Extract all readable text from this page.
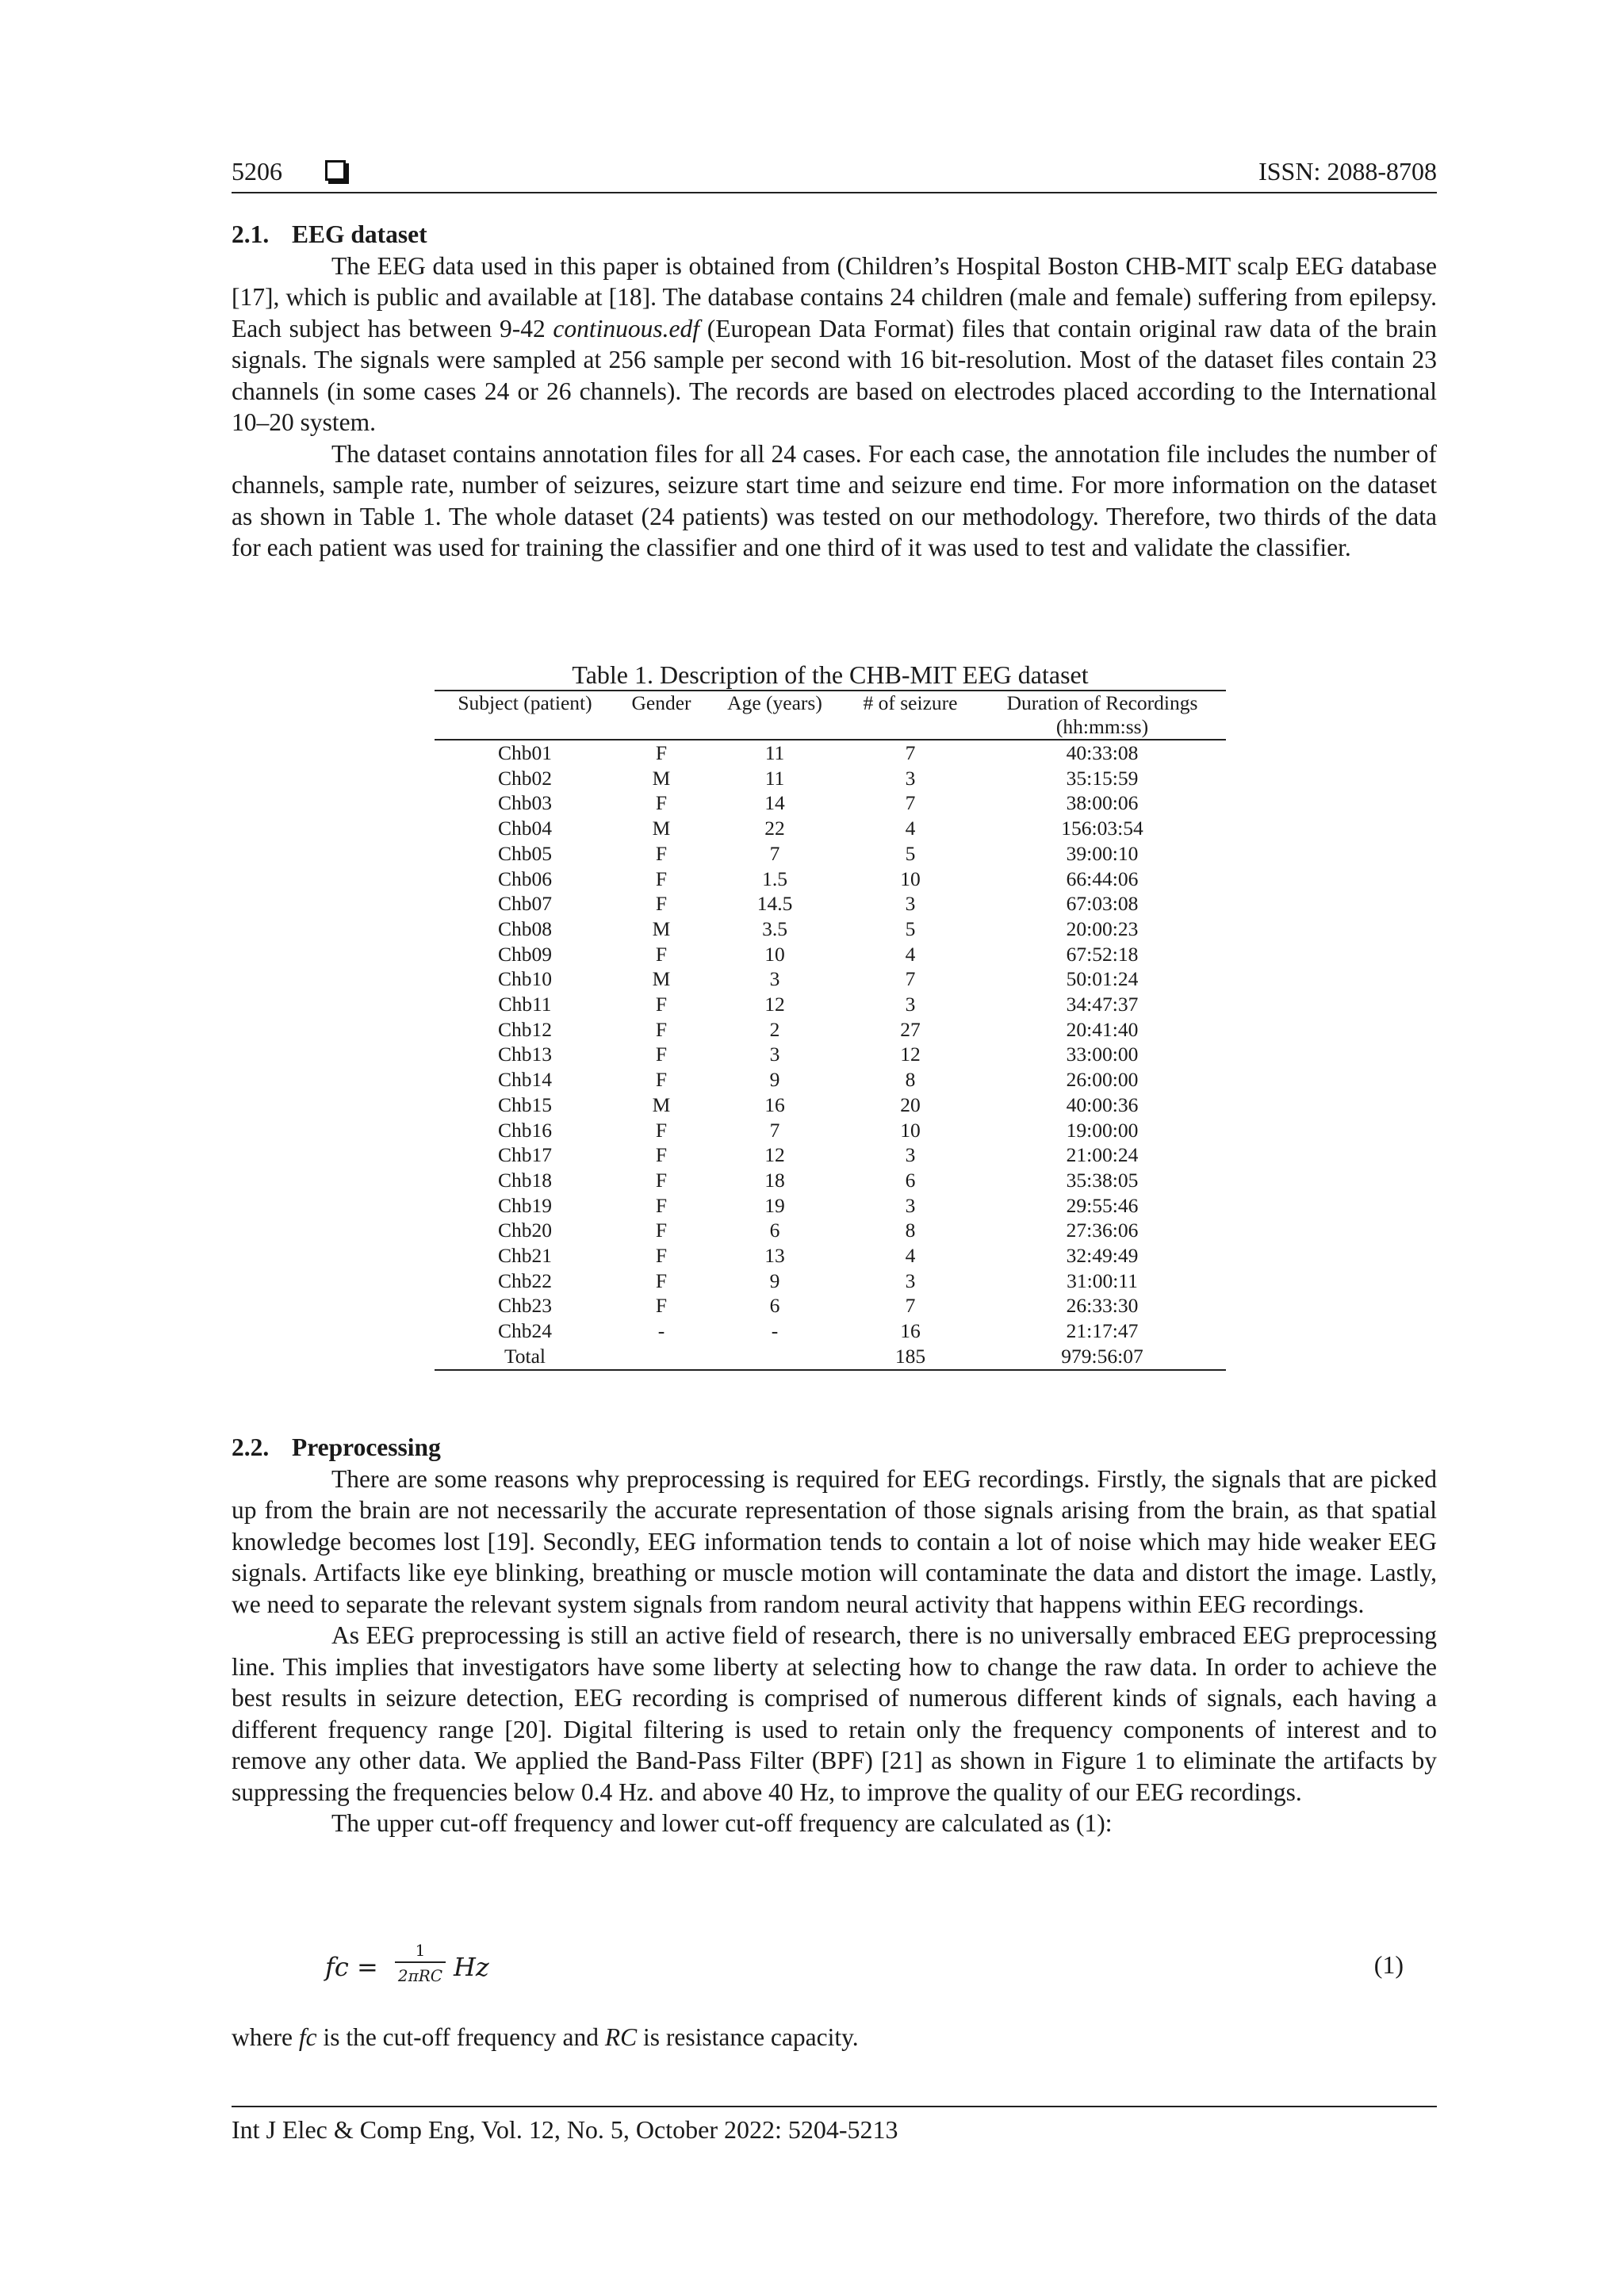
5206	ISSN: 2088-8708
2.1. EEG dataset

The EEG data used in this paper is obtained from (Children’s Hospital Boston CHB-MIT scalp EEG database [17], which is public and available at [18]. The database contains 24 children (male and female) suffering from epilepsy. Each subject has between 9-42 continuous.edf (European Data Format) files that contain original raw data of the brain signals. The signals were sampled at 256 sample per second with 16 bit-resolution. Most of the dataset files contain 23 channels (in some cases 24 or 26 channels). The records are based on electrodes placed according to the International 10–20 system.

The dataset contains annotation files for all 24 cases. For each case, the annotation file includes the number of channels, sample rate, number of seizures, seizure start time and seizure end time. For more information on the dataset as shown in Table 1. The whole dataset (24 patients) was tested on our methodology. Therefore, two thirds of the data for each patient was used for training the classifier and one third of it was used to test and validate the classifier.

Table 1. Description of the CHB-MIT EEG dataset
Subject (patient)	Gender	Age (years)	# of seizure	Duration of Recordings
				(hh:mm:ss)
Chb01	F	11	7	40:33:08
Chb02	M	11	3	35:15:59
Chb03	F	14	7	38:00:06
Chb04	M	22	4	156:03:54
Chb05	F	7	5	39:00:10
Chb06	F	1.5	10	66:44:06
Chb07	F	14.5	3	67:03:08
Chb08	M	3.5	5	20:00:23
Chb09	F	10	4	67:52:18
Chb10	M	3	7	50:01:24
Chb11	F	12	3	34:47:37
Chb12	F	2	27	20:41:40
Chb13	F	3	12	33:00:00
Chb14	F	9	8	26:00:00
Chb15	M	16	20	40:00:36
Chb16	F	7	10	19:00:00
Chb17	F	12	3	21:00:24
Chb18	F	18	6	35:38:05
Chb19	F	19	3	29:55:46
Chb20	F	6	8	27:36:06
Chb21	F	13	4	32:49:49
Chb22	F	9	3	31:00:11
Chb23	F	6	7	26:33:30
Chb24	-	-	16	21:17:47
Total			185	979:56:07
2.2. Preprocessing

There are some reasons why preprocessing is required for EEG recordings. Firstly, the signals that are picked up from the brain are not necessarily the accurate representation of those signals arising from the brain, as that spatial knowledge becomes lost [19]. Secondly, EEG information tends to contain a lot of noise which may hide weaker EEG signals. Artifacts like eye blinking, breathing or muscle motion will contaminate the data and distort the image. Lastly, we need to separate the relevant system signals from random neural activity that happens within EEG recordings.

As EEG preprocessing is still an active field of research, there is no universally embraced EEG preprocessing line. This implies that investigators have some liberty at selecting how to change the raw data. In order to achieve the best results in seizure detection, EEG recording is comprised of numerous different kinds of signals, each having a different frequency range [20]. Digital filtering is used to retain only the frequency components of interest and to remove any other data. We applied the Band-Pass Filter (BPF) [21] as shown in Figure 1 to eliminate the artifacts by suppressing the frequencies below 0.4 Hz. and above 40 Hz, to improve the quality of our EEG recordings.

The upper cut-off frequency and lower cut-off frequency are calculated as (1):

fc =
1
2πRC Hz	(1)
where fc is the cut-off frequency and RC is resistance capacity.
Int J Elec & Comp Eng, Vol. 12, No. 5, October 2022: 5204-5213
